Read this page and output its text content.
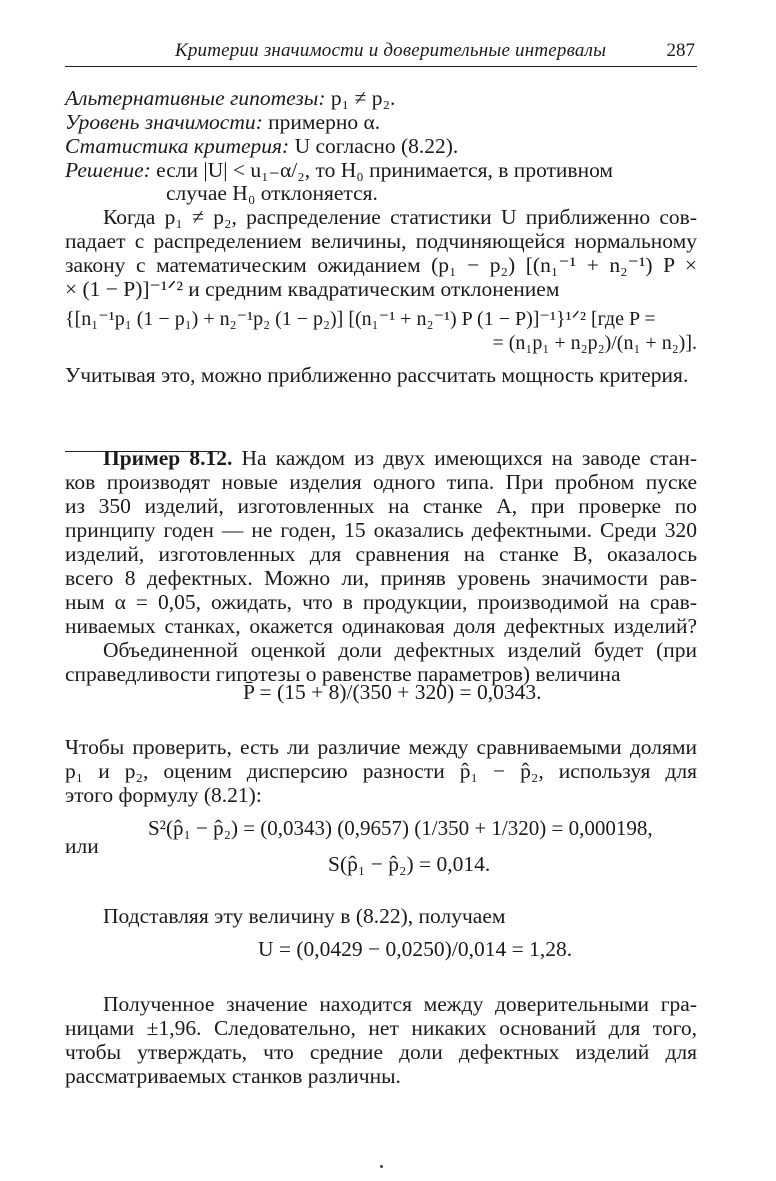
Критерии значимости и доверительные интервалы	287
Альтернативные гипотезы: p₁ ≠ p₂.
Уровень значимости: примерно α.
Статистика критерия: U согласно (8.22).
Решение: если |U| < u₁₋α/₂, то H₀ принимается, в противном
случае H₀ отклоняется.
Когда p₁ ≠ p₂, распределение статистики U приближенно сов-
падает с распределением величины, подчиняющейся нормальному
закону с математическим ожиданием (p₁ − p₂) [(n₁⁻¹ + n₂⁻¹) P ×
× (1 − P)]⁻¹ᐟ² и средним квадратическим отклонением
{[n₁⁻¹p₁ (1 − p₁) + n₂⁻¹p₂ (1 − p₂)] [(n₁⁻¹ + n₂⁻¹) P (1 − P)]⁻¹}¹ᐟ² [где P =
= (n₁p₁ + n₂p₂)/(n₁ + n₂)].
Учитывая это, можно приближенно рассчитать мощность критерия.
Пример 8.12. На каждом из двух имеющихся на заводе стан-
ков производят новые изделия одного типа. При пробном пуске
из 350 изделий, изготовленных на станке A, при проверке по
принципу годен — не годен, 15 оказались дефектными. Среди 320
изделий, изготовленных для сравнения на станке B, оказалось
всего 8 дефектных. Можно ли, приняв уровень значимости рав-
ным α = 0,05, ожидать, что в продукции, производимой на срав-
ниваемых станках, окажется одинаковая доля дефектных изделий?
Объединенной оценкой доли дефектных изделий будет (при
справедливости гипотезы о равенстве параметров) величина
P̄ = (15 + 8)/(350 + 320) = 0,0343.
Чтобы проверить, есть ли различие между сравниваемыми долями
p₁ и p₂, оценим дисперсию разности p̂₁ − p̂₂, используя для
этого формулу (8.21):
S²(p̂₁ − p̂₂) = (0,0343) (0,9657) (1/350 + 1/320) = 0,000198,
или
S(p̂₁ − p̂₂) = 0,014.
Подставляя эту величину в (8.22), получаем
U = (0,0429 − 0,0250)/0,014 = 1,28.
Полученное значение находится между доверительными гра-
ницами ±1,96. Следовательно, нет никаких оснований для того,
чтобы утверждать, что средние доли дефектных изделий для
рассматриваемых станков различны.
